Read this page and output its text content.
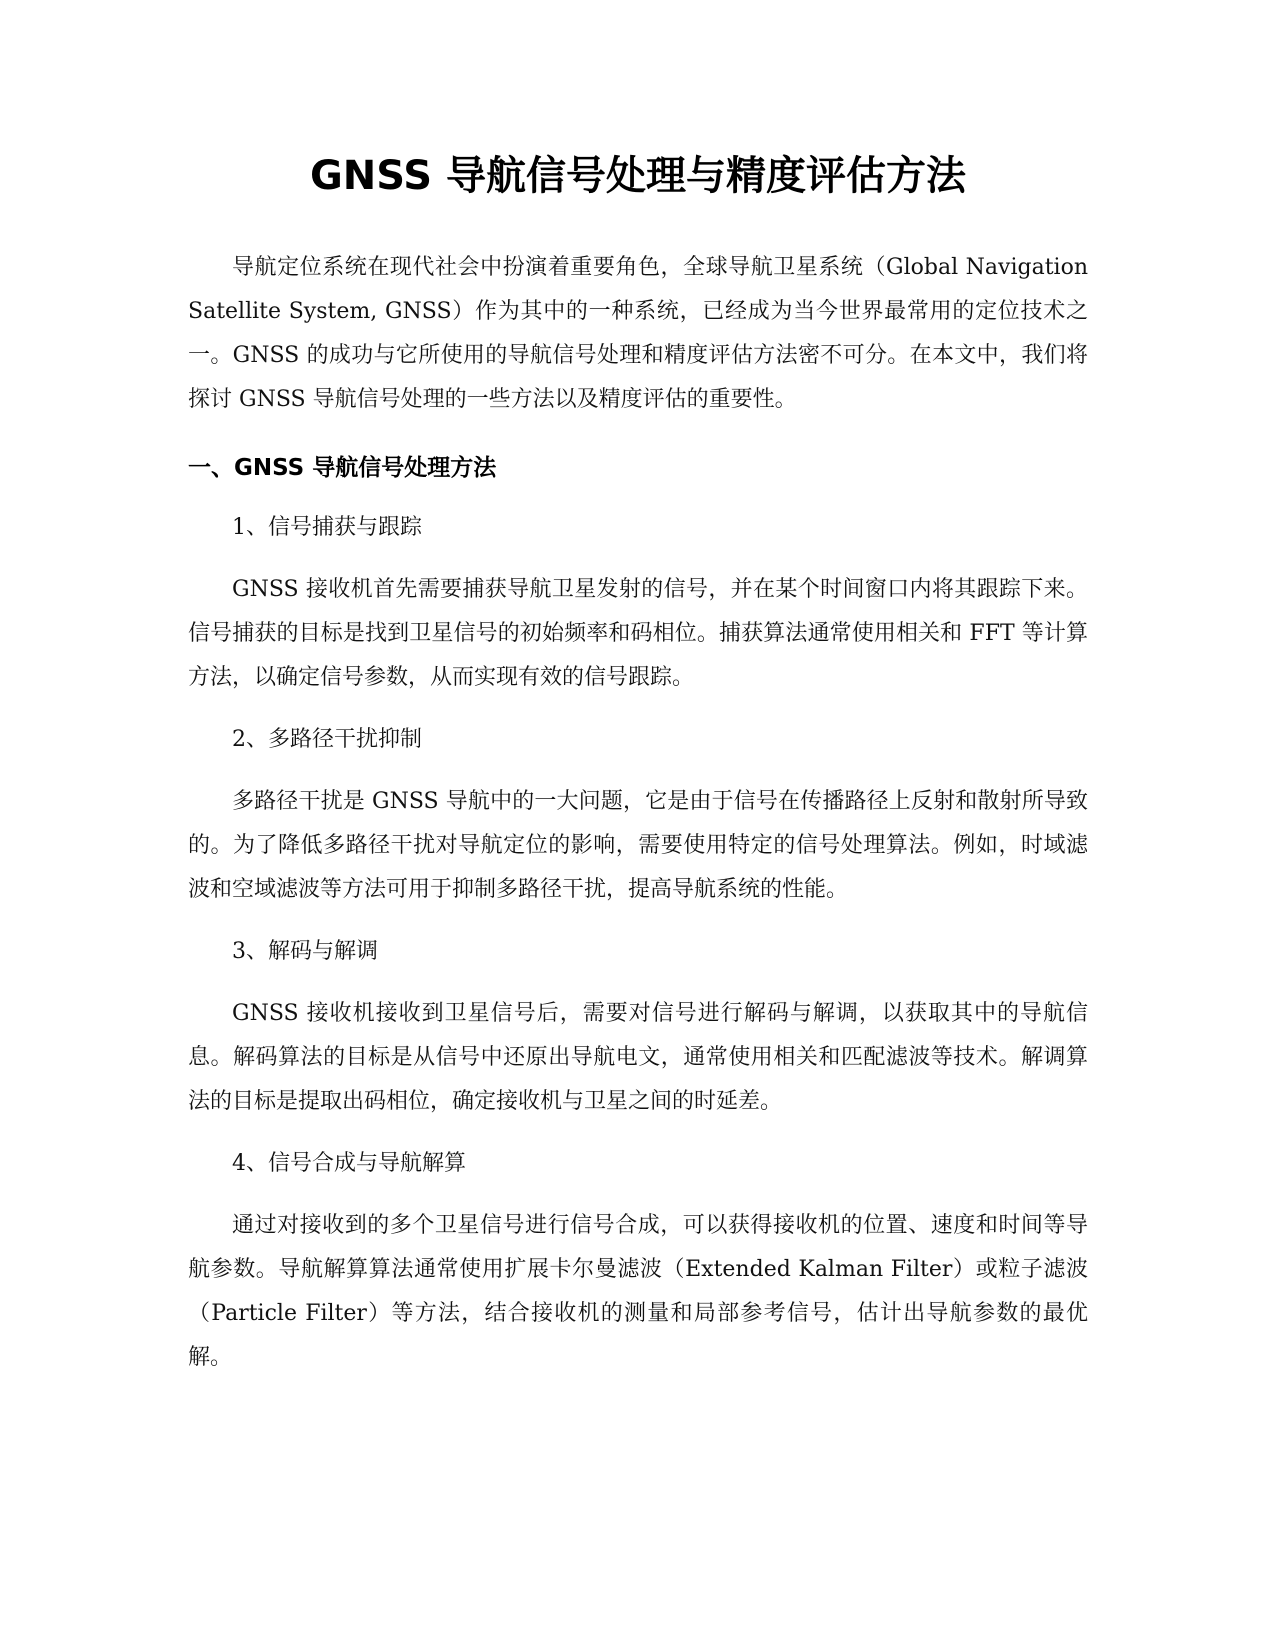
GNSS 导航信号处理与精度评估方法

导航定位系统在现代社会中扮演着重要角色，全球导航卫星系统（Global Navigation Satellite System, GNSS）作为其中的一种系统，已经成为当今世界最常用的定位技术之一。GNSS 的成功与它所使用的导航信号处理和精度评估方法密不可分。在本文中，我们将探讨 GNSS 导航信号处理的一些方法以及精度评估的重要性。

一、GNSS 导航信号处理方法

1、信号捕获与跟踪

GNSS 接收机首先需要捕获导航卫星发射的信号，并在某个时间窗口内将其跟踪下来。信号捕获的目标是找到卫星信号的初始频率和码相位。捕获算法通常使用相关和 FFT 等计算方法，以确定信号参数，从而实现有效的信号跟踪。

2、多路径干扰抑制

多路径干扰是 GNSS 导航中的一大问题，它是由于信号在传播路径上反射和散射所导致的。为了降低多路径干扰对导航定位的影响，需要使用特定的信号处理算法。例如，时域滤波和空域滤波等方法可用于抑制多路径干扰，提高导航系统的性能。

3、解码与解调

GNSS 接收机接收到卫星信号后，需要对信号进行解码与解调，以获取其中的导航信息。解码算法的目标是从信号中还原出导航电文，通常使用相关和匹配滤波等技术。解调算法的目标是提取出码相位，确定接收机与卫星之间的时延差。

4、信号合成与导航解算

通过对接收到的多个卫星信号进行信号合成，可以获得接收机的位置、速度和时间等导航参数。导航解算算法通常使用扩展卡尔曼滤波（Extended Kalman Filter）或粒子滤波（Particle Filter）等方法，结合接收机的测量和局部参考信号，估计出导航参数的最优解。
